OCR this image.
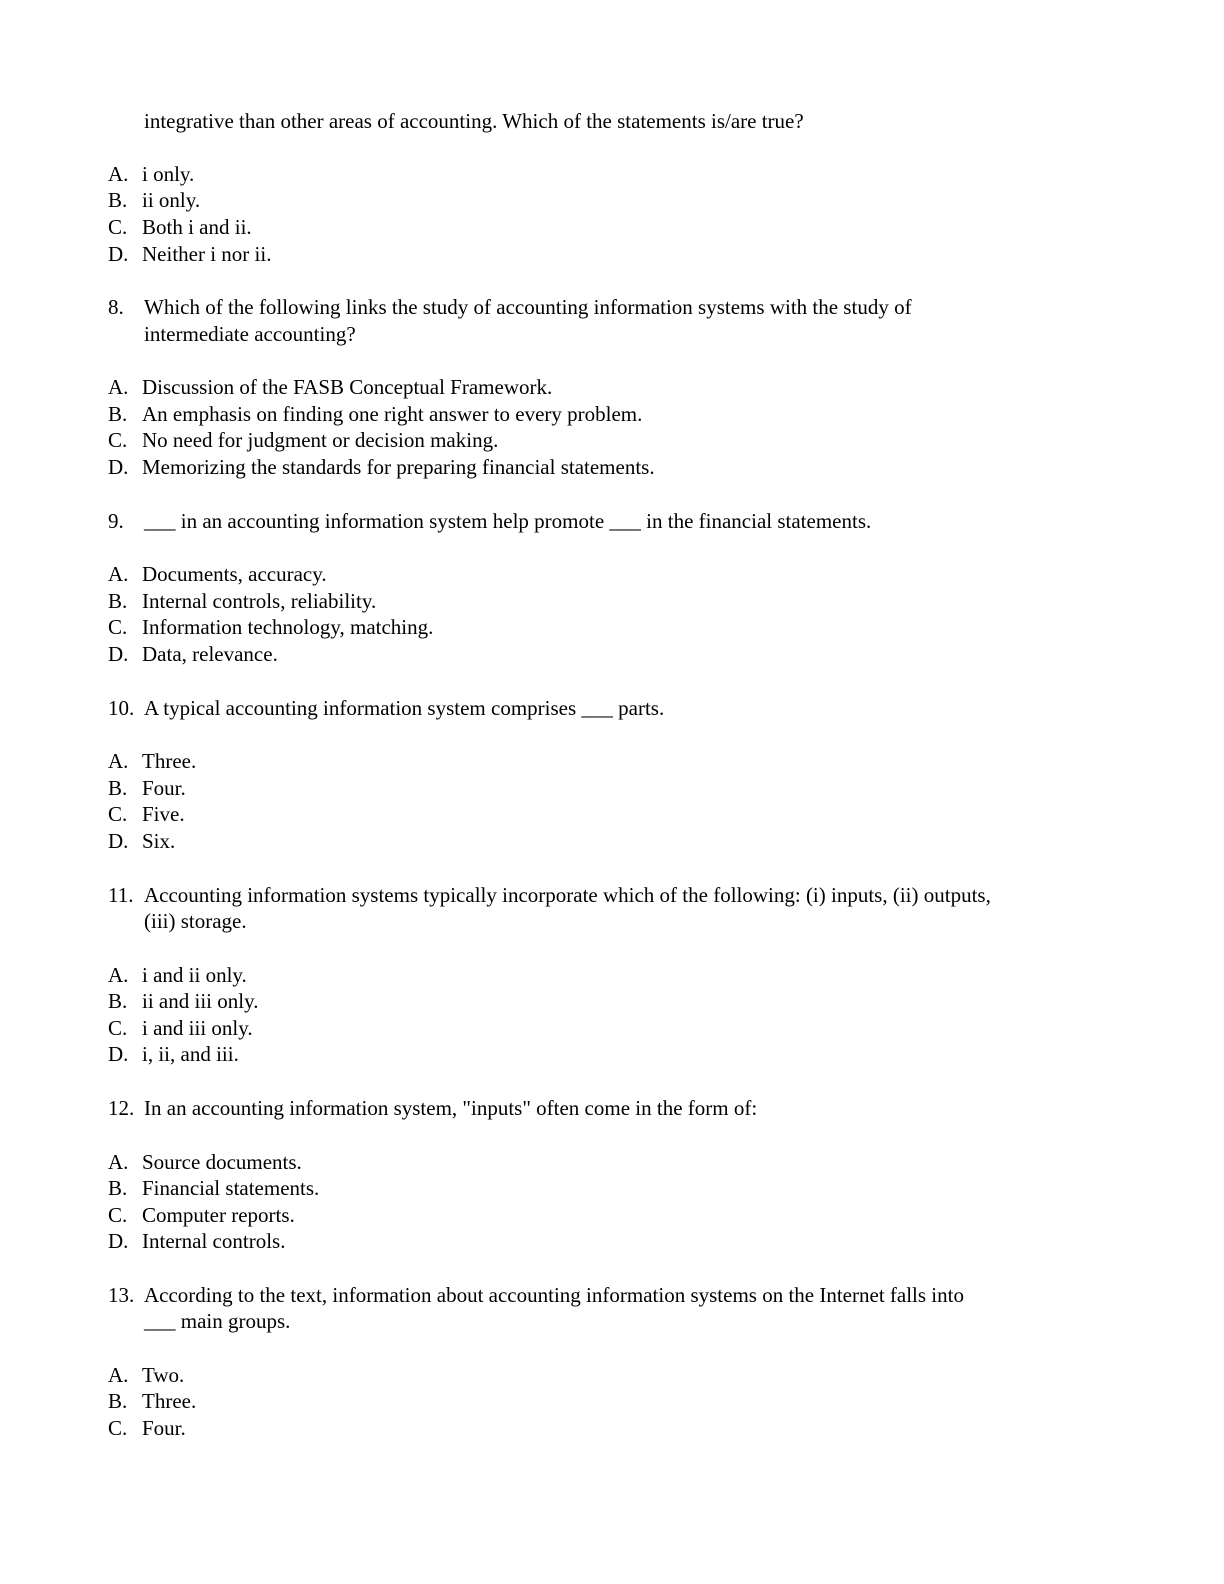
integrative than other areas of accounting. Which of the statements is/are true?
A. i only.
B. ii only.
C. Both i and ii.
D. Neither i nor ii.
8. Which of the following links the study of accounting information systems with the study of
intermediate accounting?
A. Discussion of the FASB Conceptual Framework.
B. An emphasis on finding one right answer to every problem.
C. No need for judgment or decision making.
D. Memorizing the standards for preparing financial statements.
9. ___ in an accounting information system help promote ___ in the financial statements.
A. Documents, accuracy.
B. Internal controls, reliability.
C. Information technology, matching.
D. Data, relevance.
10. A typical accounting information system comprises ___ parts.
A. Three.
B. Four.
C. Five.
D. Six.
11. Accounting information systems typically incorporate which of the following: (i) inputs, (ii) outputs,
(iii) storage.
A. i and ii only.
B. ii and iii only.
C. i and iii only.
D. i, ii, and iii.
12. In an accounting information system, "inputs" often come in the form of:
A. Source documents.
B. Financial statements.
C. Computer reports.
D. Internal controls.
13. According to the text, information about accounting information systems on the Internet falls into
___ main groups.
A. Two.
B. Three.
C. Four.
